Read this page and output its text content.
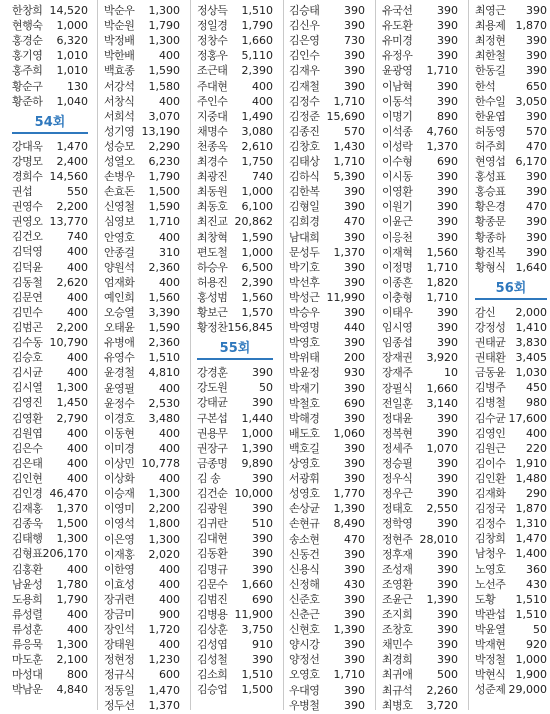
한창희 14,520
현행숙 1,000
홍경순 6,320
홍기영 1,010
홍주희 1,010
황순구 130
황준하 1,040
54회
강대욱 1,470
강명모 2,400
경희수 14,560
권섭	550
권영수 2,200
권영오 13,770
김건오 740
김덕영 400
김덕윤 400
김동철 2,620
김문연 400
김민수 400
김범곤 2,200
김수동 10,790
김승호 400
김시균 400
김시열 1,300
김영진 1,450
김영환 2,790
김원엽 400
김은수 400
김은태 400
김인현 400
김인경 46,470
김재홍 1,370
김종욱 1,500
김태행 1,300
김형표 206,170
김홍환 400
남윤성 1,780
도용희 1,790
류성렬 400
류성훈 400
류응묵 1,300
마도훈 2,100
마성대 800
박남운 4,840
박순우 1,300
박순원 1,790
박정배 1,300
박한배 400
백효종 1,590
서강석 1,580
서창식 400
서희석 3,070
성기영 13,190
성승모 2,290
성열오 6,230
손병우 1,790
손효돈 1,500
신영철 1,590
심영보 1,710
안영호 400
안종걸 310
양원석 2,360
엄재화 400
예인희 1,560
오승열 3,390
오태윤 1,590
유병애 2,360
유영수 1,510
윤경철 4,810
윤영필 400
윤정수 2,530
이경호 3,480
이동현 400
이미경 400
이상민 10,778
이상화 400
이승재 1,300
이영미 2,200
이영석 1,800
이은영 1,300
이재홍 2,020
이한영 400
이효성 400
장귀련 400
장금미 900
장인석 1,720
장태원 400
정현정 1,230
정규식 600
정동일 1,470
정두선 1,370
정상득 1,510
정일경 1,790
정창수 1,660
정홍우 5,110
조근태 2,390
주대현 400
주인수 400
지중대 1,490
채명수 3,080
천종옥 2,610
최경수 1,750
최광진 740
최동원 1,000
최동호 6,100
최진교 20,862
최창혁 1,590
편도철 1,000
하승우 6,500
허용진 2,390
홍성범 1,560
황보근 1,570
황정찬 156,845
55회
강경훈 390
강도원	50
강태균 390
구본섭 1,440
권용무 1,000
권장구 1,390
금종명 9,890
김 송	390
김건순 10,000
김광원 390
김귀란 510
김대현 390
김동환 390
김명규 390
김문수 1,660
김범진 690
김병용 11,900
김상훈 3,750
김성엽 910
김성철 390
김소희 1,510
김승업 1,500
김승태 390
김신우 390
김은영 730
김인수 390
김재우 390
김재철 390
김정수 1,710
김정준 15,690
김종진 570
김창호 1,430
김태상 1,710
김하식 5,390
김한복 390
김형일 390
김희경 470
남대희 390
문성두 1,370
박기호 390
박선후 390
박성근 11,990
박승우 390
박영명 440
박영호 390
박위태 200
박윤정 930
박재기 390
박철호 690
박해경 390
배도호 1,060
백호길 390
상영호 390
서광휘 390
성영호 1,770
손상균 1,390
손현규 8,490
송소현 470
신동건 390
신용식 390
신정해 430
신준호 390
신춘근 390
신현호 1,390
양시강 390
양정선 390
오영호 1,710
우대영 390
우병철 390
유국선 390
유도환 390
유미경 390
유정우 390
윤광영 1,710
이남혁 390
이동석 390
이명기 890
이석종 4,760
이성락 1,370
이수형 690
이시동 390
이영환 390
이원기 390
이윤근 390
이응천 390
이재혁 1,560
이정명 1,710
이종흔 1,820
이충형 1,710
이태우 390
임시영 390
임종섭 390
장재권 3,920
장재주	10
장필식 1,660
전일훈 3,140
정대윤 390
정복현 390
정세주 1,070
정승필 390
정우식 390
정우근 390
정태호 2,550
정학영 390
정현주 28,010
정후재 390
조성재 390
조영환 390
조윤근 1,390
조지희 390
조창호 390
채민수 390
최경희 390
최귀애 500
최규석 2,260
최병호 3,720
최영근 390
최용제 1,870
최정현 390
최한철 390
한동길 390
한석	650
한수일 3,050
한윤엽 390
허동영 570
허주희 470
현영섭 6,170
홍성표 390
홍승표 390
황은경 470
황종문 390
황종하 390
황진복 390
황형식 1,640
56회
감신 2,000
강정성 1,410
권태균 3,830
권태환 3,405
금동윤 1,030
김병주 450
김병철 980
김수균 17,600
김영인 400
김원근 220
김이수 1,910
김인환 1,480
김재화 290
김정국 1,870
김정수 1,310
김창희 1,470
남청우 1,400
노영호 360
노선주 430
도황 1,510
박관섭 1,510
박윤열	50
박재현 920
박정철 1,000
박현식 1,900
성준제 29,000
